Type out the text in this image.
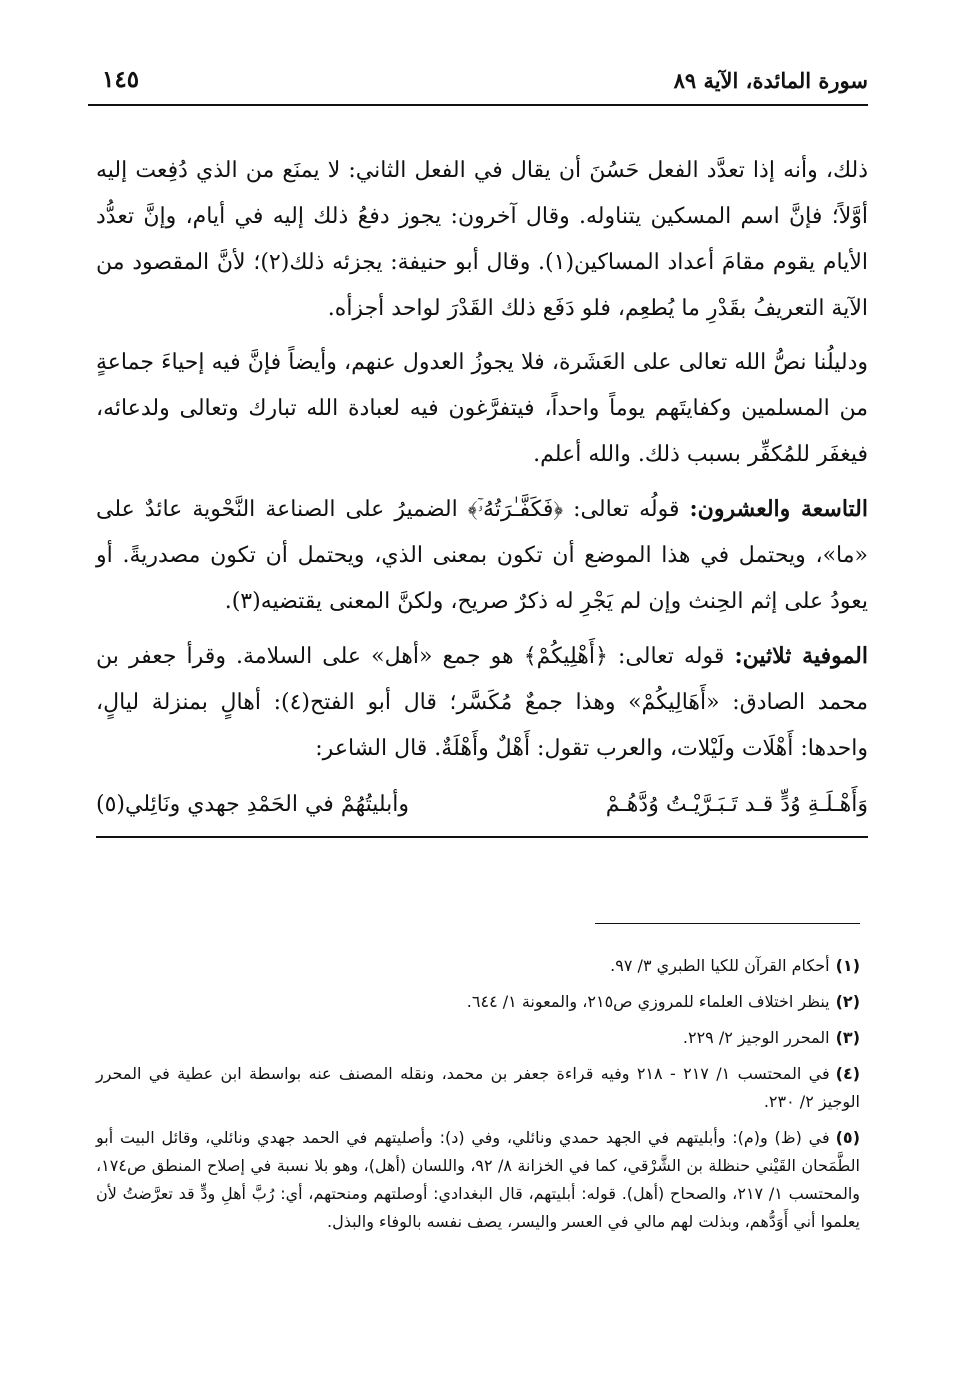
سورة المائدة، الآية ٨٩
١٤٥

ذلك، وأنه إذا تعدَّد الفعل حَسُنَ أن يقال في الفعل الثاني: لا يمنَع من الذي دُفِعت إليه أوَّلاً؛ فإنَّ اسم المسكين يتناوله. وقال آخرون: يجوز دفعُ ذلك إليه في أيام، وإنَّ تعدُّد الأيام يقوم مقامَ أعداد المساكين(١). وقال أبو حنيفة: يجزئه ذلك(٢)؛ لأنَّ المقصود من الآية التعريفُ بقَدْرِ ما يُطعِم، فلو دَفَع ذلك القَدْرَ لواحد أجزأه.

ودليلُنا نصُّ الله تعالى على العَشَرة، فلا يجوزُ العدول عنهم، وأيضاً فإنَّ فيه إحياءَ جماعةٍ من المسلمين وكفايتَهم يوماً واحداً، فيتفرَّغون فيه لعبادة الله تبارك وتعالى ولدعائه، فيغفَر للمُكفِّر بسبب ذلك. والله أعلم.

التاسعة والعشرون: قولُه تعالى: ﴿فَكَفَّـٰرَتُهُۥٓ﴾ الضميرُ على الصناعة النَّحْوية عائدٌ على «ما»، ويحتمل في هذا الموضع أن تكون بمعنى الذي، ويحتمل أن تكون مصدريةً. أو يعودُ على إثم الحِنث وإن لم يَجْرِ له ذكرٌ صريح، ولكنَّ المعنى يقتضيه(٣).

الموفية ثلاثين: قوله تعالى: ﴿أَهْلِيكُمْ﴾ هو جمع «أهل» على السلامة. وقرأ جعفر بن محمد الصادق: «أَهَالِيكُمْ» وهذا جمعٌ مُكَسَّر؛ قال أبو الفتح(٤): أهالٍ بمنزلة ليالٍ، واحدها: أَهْلَات ولَيْلات، والعرب تقول: أَهْلٌ وأَهْلَةٌ. قال الشاعر:

وَأَهْـلَـةِ وُدٍّ قـد تَـبَـرَّيْـتُ وُدَّهُـمْ
وأبليتُهُمْ في الحَمْدِ جهدي ونَائِلي(٥)

(١)أحكام القرآن للكيا الطبري ٣/ ٩٧.

(٢)ينظر اختلاف العلماء للمروزي ص٢١٥، والمعونة ١/ ٦٤٤.

(٣)المحرر الوجيز ٢/ ٢٢٩.

(٤)في المحتسب ١/ ٢١٧ - ٢١٨ وفيه قراءة جعفر بن محمد، ونقله المصنف عنه بواسطة ابن عطية في المحرر الوجيز ٢/ ٢٣٠.

(٥)في (ظ) و(م): وأبليتهم في الجهد حمدي ونائلي، وفي (د): وأصليتهم في الحمد جهدي ونائلي، وقائل البيت أبو الطَّمَحان القَيْني حنظلة بن الشَّرْقي، كما في الخزانة ٨/ ٩٢، واللسان (أهل)، وهو بلا نسبة في إصلاح المنطق ص١٧٤، والمحتسب ١/ ٢١٧، والصحاح (أهل). قوله: أبليتهم، قال البغدادي: أوصلتهم ومنحتهم، أي: رُبَّ أهلِ ودٍّ قد تعرَّضتُ لأن يعلموا أني أَوَدُّهم، وبذلت لهم مالي في العسر واليسر، يصف نفسه بالوفاء والبذل.
